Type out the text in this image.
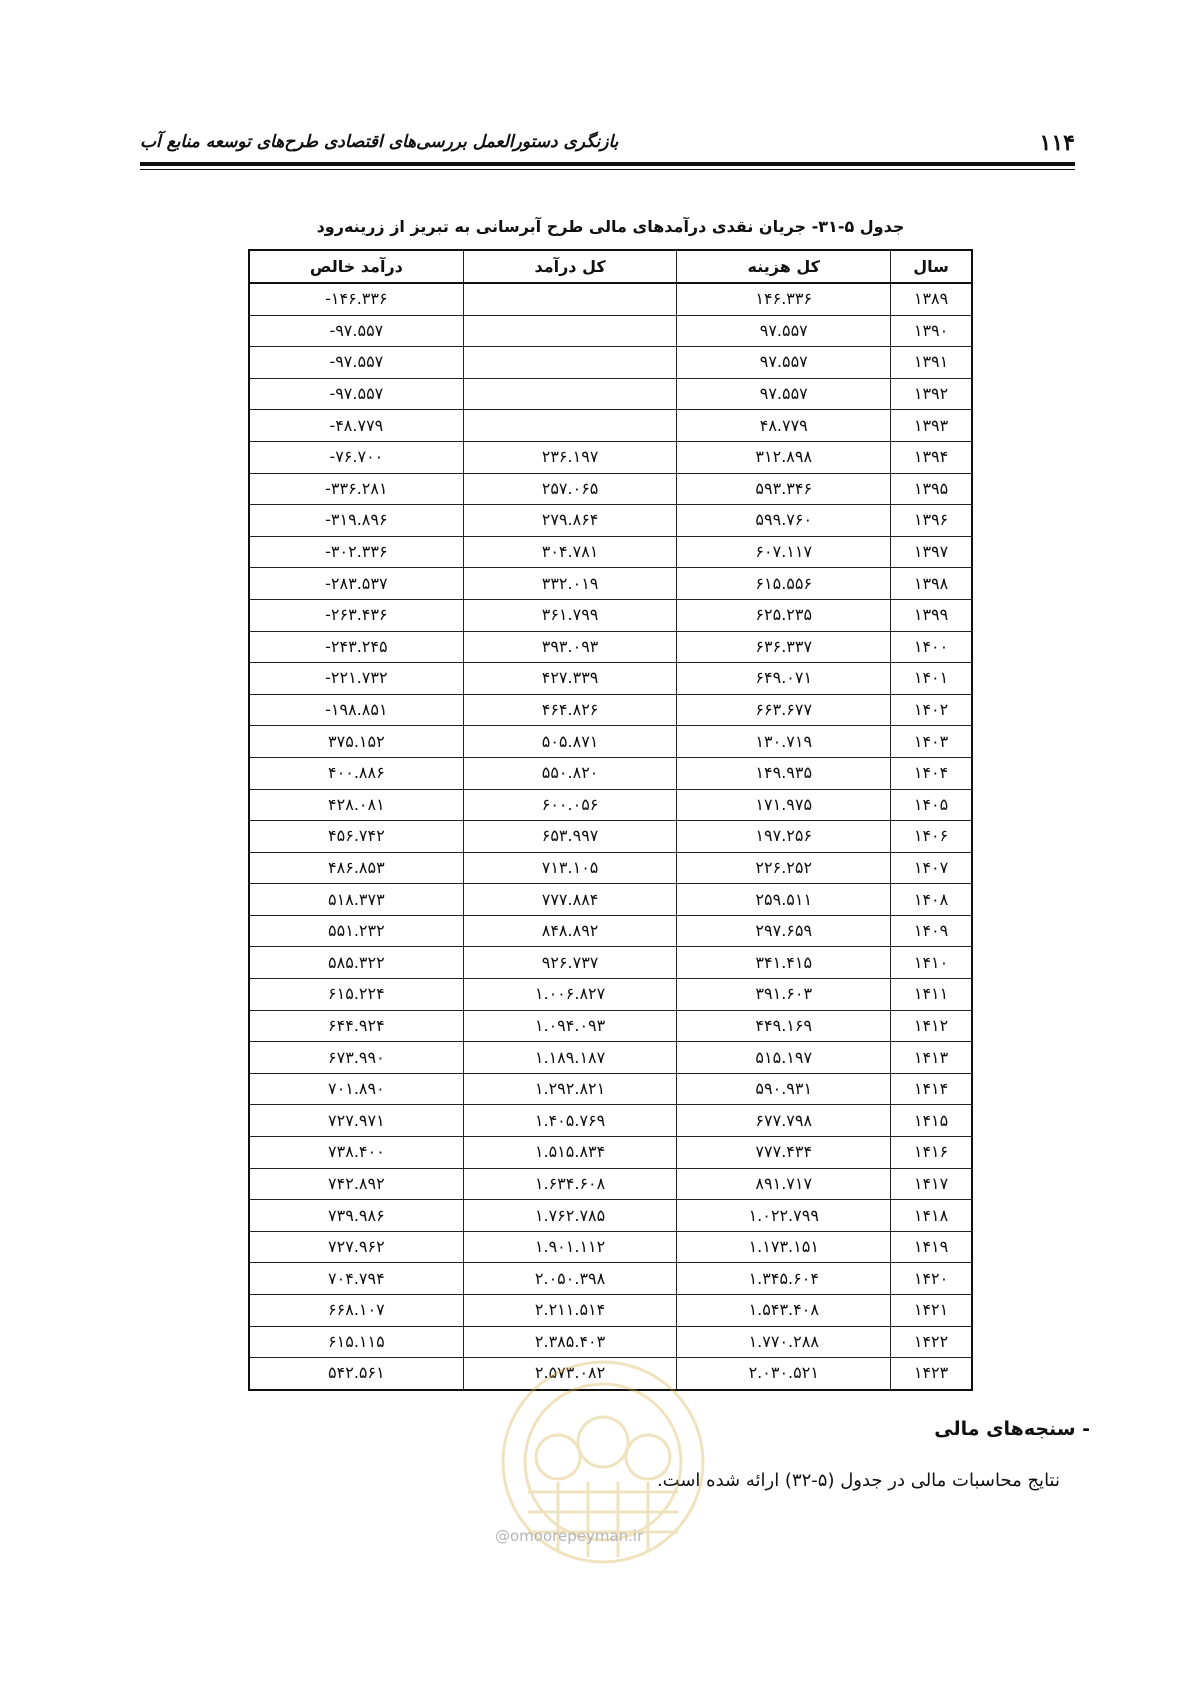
۱۱۴
بازنگری دستورالعمل بررسی‌های اقتصادی طرح‌های توسعه منابع آب
جدول ۵-۳۱- جریان نقدی درآمدهای مالی طرح آبرسانی به تبریز از زرینه‌رود
سال	کل هزینه	کل درآمد	درآمد خالص
۱۳۸۹	۱۴۶.۳۳۶		-۱۴۶.۳۳۶
۱۳۹۰	۹۷.۵۵۷		-۹۷.۵۵۷
۱۳۹۱	۹۷.۵۵۷		-۹۷.۵۵۷
۱۳۹۲	۹۷.۵۵۷		-۹۷.۵۵۷
۱۳۹۳	۴۸.۷۷۹		-۴۸.۷۷۹
۱۳۹۴	۳۱۲.۸۹۸	۲۳۶.۱۹۷	-۷۶.۷۰۰
۱۳۹۵	۵۹۳.۳۴۶	۲۵۷.۰۶۵	-۳۳۶.۲۸۱
۱۳۹۶	۵۹۹.۷۶۰	۲۷۹.۸۶۴	-۳۱۹.۸۹۶
۱۳۹۷	۶۰۷.۱۱۷	۳۰۴.۷۸۱	-۳۰۲.۳۳۶
۱۳۹۸	۶۱۵.۵۵۶	۳۳۲.۰۱۹	-۲۸۳.۵۳۷
۱۳۹۹	۶۲۵.۲۳۵	۳۶۱.۷۹۹	-۲۶۳.۴۳۶
۱۴۰۰	۶۳۶.۳۳۷	۳۹۳.۰۹۳	-۲۴۳.۲۴۵
۱۴۰۱	۶۴۹.۰۷۱	۴۲۷.۳۳۹	-۲۲۱.۷۳۲
۱۴۰۲	۶۶۳.۶۷۷	۴۶۴.۸۲۶	-۱۹۸.۸۵۱
۱۴۰۳	۱۳۰.۷۱۹	۵۰۵.۸۷۱	۳۷۵.۱۵۲
۱۴۰۴	۱۴۹.۹۳۵	۵۵۰.۸۲۰	۴۰۰.۸۸۶
۱۴۰۵	۱۷۱.۹۷۵	۶۰۰.۰۵۶	۴۲۸.۰۸۱
۱۴۰۶	۱۹۷.۲۵۶	۶۵۳.۹۹۷	۴۵۶.۷۴۲
۱۴۰۷	۲۲۶.۲۵۲	۷۱۳.۱۰۵	۴۸۶.۸۵۳
۱۴۰۸	۲۵۹.۵۱۱	۷۷۷.۸۸۴	۵۱۸.۳۷۳
۱۴۰۹	۲۹۷.۶۵۹	۸۴۸.۸۹۲	۵۵۱.۲۳۲
۱۴۱۰	۳۴۱.۴۱۵	۹۲۶.۷۳۷	۵۸۵.۳۲۲
۱۴۱۱	۳۹۱.۶۰۳	۱.۰۰۶.۸۲۷	۶۱۵.۲۲۴
۱۴۱۲	۴۴۹.۱۶۹	۱.۰۹۴.۰۹۳	۶۴۴.۹۲۴
۱۴۱۳	۵۱۵.۱۹۷	۱.۱۸۹.۱۸۷	۶۷۳.۹۹۰
۱۴۱۴	۵۹۰.۹۳۱	۱.۲۹۲.۸۲۱	۷۰۱.۸۹۰
۱۴۱۵	۶۷۷.۷۹۸	۱.۴۰۵.۷۶۹	۷۲۷.۹۷۱
۱۴۱۶	۷۷۷.۴۳۴	۱.۵۱۵.۸۳۴	۷۳۸.۴۰۰
۱۴۱۷	۸۹۱.۷۱۷	۱.۶۳۴.۶۰۸	۷۴۲.۸۹۲
۱۴۱۸	۱.۰۲۲.۷۹۹	۱.۷۶۲.۷۸۵	۷۳۹.۹۸۶
۱۴۱۹	۱.۱۷۳.۱۵۱	۱.۹۰۱.۱۱۲	۷۲۷.۹۶۲
۱۴۲۰	۱.۳۴۵.۶۰۴	۲.۰۵۰.۳۹۸	۷۰۴.۷۹۴
۱۴۲۱	۱.۵۴۳.۴۰۸	۲.۲۱۱.۵۱۴	۶۶۸.۱۰۷
۱۴۲۲	۱.۷۷۰.۲۸۸	۲.۳۸۵.۴۰۳	۶۱۵.۱۱۵
۱۴۲۳	۲.۰۳۰.۵۲۱	۲.۵۷۳.۰۸۲	۵۴۲.۵۶۱
- سنجه‌های مالی
نتایج محاسبات مالی در جدول (۵-۳۲) ارائه شده است.
@omoorepeyman.ir
